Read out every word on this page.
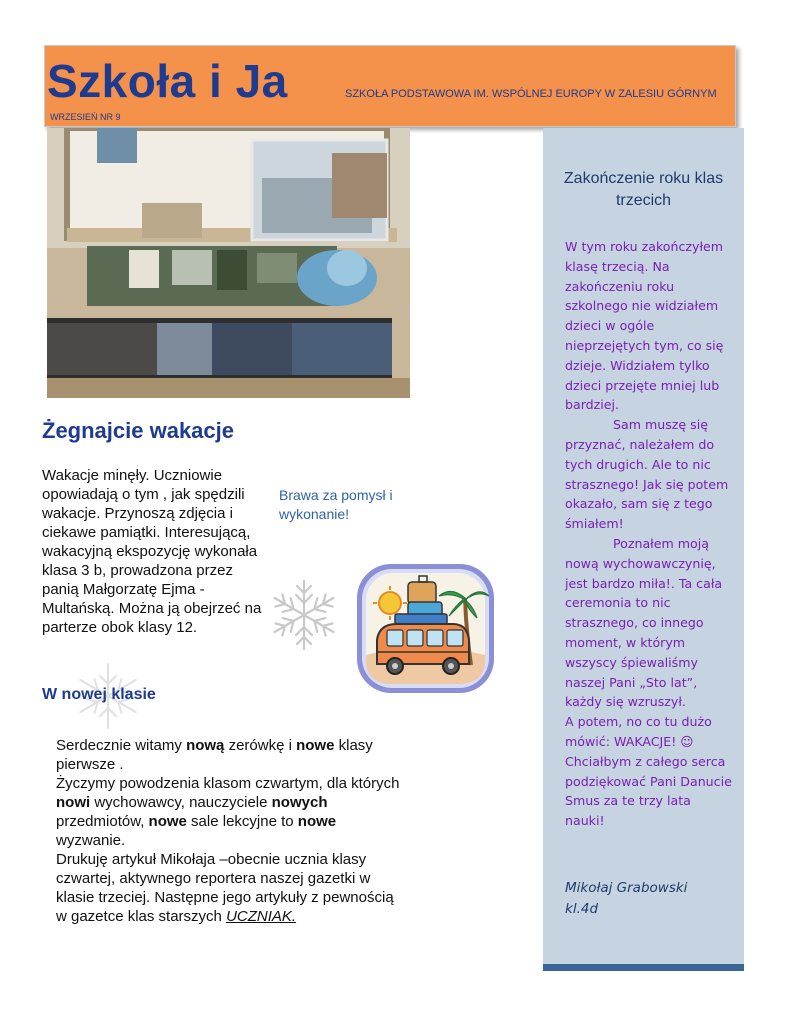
Szkoła i Ja	SZKOŁA PODSTAWOWA IM. WSPÓLNEJ EUROPY W ZALESIU GÓRNYM
WRZESIEŃ NR 9
Zakończenie roku klas trzecich

W tym roku zakończyłem klasę trzecią. Na zakończeniu roku szkolnego nie widziałem dzieci w ogóle nieprzejętych tym, co się dzieje. Widziałem tylko dzieci przejęte mniej lub bardziej.

Sam muszę się przyznać, należałem do tych drugich. Ale to nic strasznego! Jak się potem okazało, sam się z tego śmiałem!

Poznałem moją nową wychowawczynię, jest bardzo miła!. Ta cała ceremonia to nic strasznego, co innego moment, w którym wszyscy śpiewaliśmy naszej Pani „Sto lat”, każdy się wzruszył.

A potem, no co tu dużo mówić: WAKACJE! ☺ Chciałbym z całego serca podziękować Pani Danucie Smus za te trzy lata nauki!

Mikołaj Grabowski
kl.4d
Żegnajcie wakacje
Wakacje minęły. Uczniowie opowiadają o tym , jak spędzili wakacje. Przynoszą zdjęcia i ciekawe pamiątki. Interesującą, wakacyjną ekspozycję wykonała klasa 3 b, prowadzona przez panią Małgorzatę Ejma - Multańską. Można ją obejrzeć na parterze obok klasy 12.
Brawa za pomysł i wykonanie!
W nowej klasie
Serdecznie witamy nową zerówkę i nowe klasy pierwsze .
Życzymy powodzenia klasom czwartym, dla których nowi wychowawcy, nauczyciele nowych przedmiotów, nowe sale lekcyjne to nowe wyzwanie.
Drukuję artykuł Mikołaja –obecnie ucznia klasy czwartej, aktywnego reportera naszej gazetki w klasie trzeciej. Następne jego artykuły z pewnością w gazetce klas starszych UCZNIAK.
